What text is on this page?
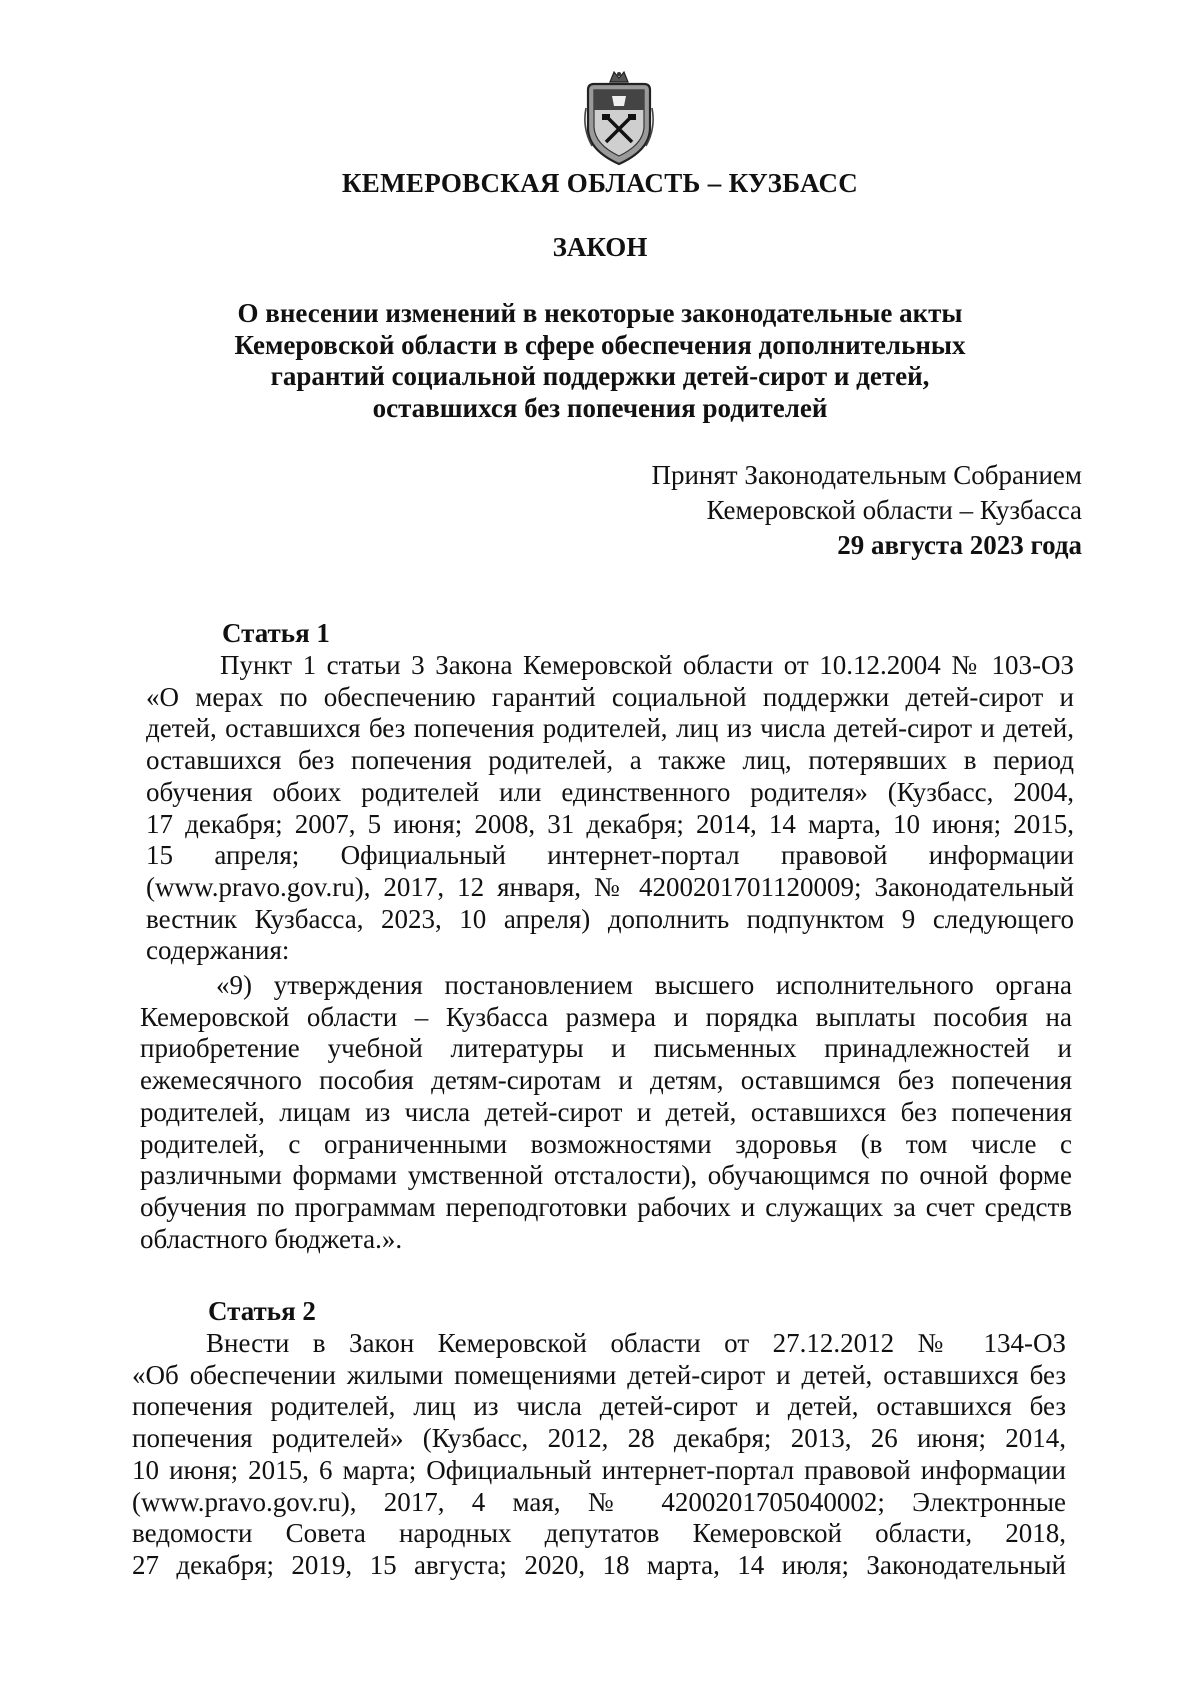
КЕМЕРОВСКАЯ ОБЛАСТЬ – КУЗБАСС
ЗАКОН
О внесении изменений в некоторые законодательные акты
Кемеровской области в сфере обеспечения дополнительных
гарантий социальной поддержки детей-сирот и детей,
оставшихся без попечения родителей
Принят Законодательным Собранием
Кемеровской области – Кузбасса
29 августа 2023 года
Статья 1
Пункт 1 статьи 3 Закона Кемеровской области от 10.12.2004 № 103-ОЗ
«О мерах по обеспечению гарантий социальной поддержки детей-сирот и
детей, оставшихся без попечения родителей, лиц из числа детей-сирот и детей,
оставшихся без попечения родителей, а также лиц, потерявших в период
обучения обоих родителей или единственного родителя» (Кузбасс, 2004,
17 декабря; 2007, 5 июня; 2008, 31 декабря; 2014, 14 марта, 10 июня; 2015,
15 апреля; Официальный интернет-портал правовой информации
(www.pravo.gov.ru), 2017, 12 января, № 4200201701120009; Законодательный
вестник Кузбасса, 2023, 10 апреля) дополнить подпунктом 9 следующего
содержания:
«9) утверждения постановлением высшего исполнительного органа
Кемеровской области – Кузбасса размера и порядка выплаты пособия на
приобретение учебной литературы и письменных принадлежностей и
ежемесячного пособия детям-сиротам и детям, оставшимся без попечения
родителей, лицам из числа детей-сирот и детей, оставшихся без попечения
родителей, с ограниченными возможностями здоровья (в том числе с
различными формами умственной отсталости), обучающимся по очной форме
обучения по программам переподготовки рабочих и служащих за счет средств
областного бюджета.».
Статья 2
Внести в Закон Кемеровской области от 27.12.2012 № 134-ОЗ
«Об обеспечении жилыми помещениями детей-сирот и детей, оставшихся без
попечения родителей, лиц из числа детей-сирот и детей, оставшихся без
попечения родителей» (Кузбасс, 2012, 28 декабря; 2013, 26 июня; 2014,
10 июня; 2015, 6 марта; Официальный интернет-портал правовой информации
(www.pravo.gov.ru), 2017, 4 мая, № 4200201705040002; Электронные
ведомости Совета народных депутатов Кемеровской области, 2018,
27 декабря; 2019, 15 августа; 2020, 18 марта, 14 июля; Законодательный
